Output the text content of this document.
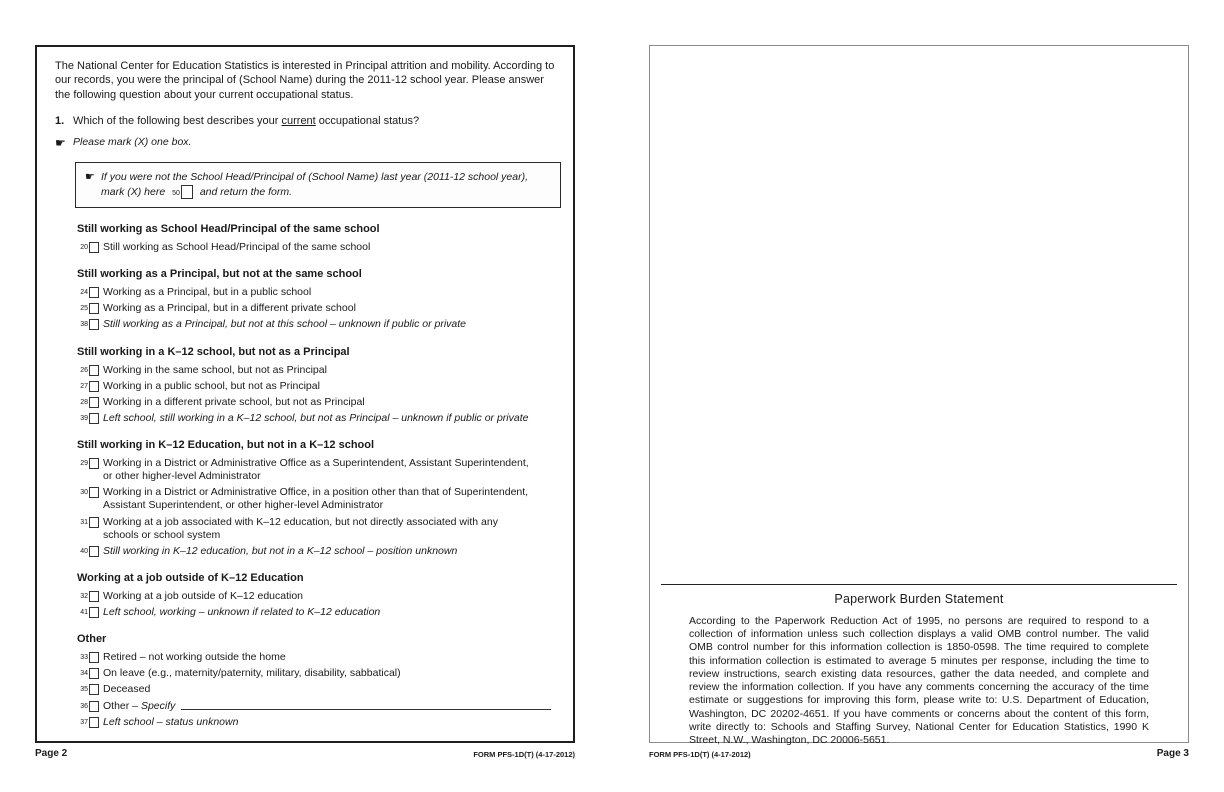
The National Center for Education Statistics is interested in Principal attrition and mobility. According to our records, you were the principal of (School Name) during the 2011-12 school year. Please answer the following question about your current occupational status.

1. Which of the following best describes your current occupational status?
☛ Please mark (X) one box.
☛ If you were not the School Head/Principal of (School Name) last year (2011-12 school year), mark (X) here 50 and return the form.
Still working as School Head/Principal of the same school
20 Still working as School Head/Principal of the same school
Still working as a Principal, but not at the same school
24 Working as a Principal, but in a public school
25 Working as a Principal, but in a different private school
38 Still working as a Principal, but not at this school – unknown if public or private
Still working in a K–12 school, but not as a Principal
26 Working in the same school, but not as Principal
27 Working in a public school, but not as Principal
28 Working in a different private school, but not as Principal
39 Left school, still working in a K–12 school, but not as Principal – unknown if public or private
Still working in K–12 Education, but not in a K–12 school
29 Working in a District or Administrative Office as a Superintendent, Assistant Superintendent, or other higher-level Administrator
30 Working in a District or Administrative Office, in a position other than that of Superintendent, Assistant Superintendent, or other higher-level Administrator
31 Working at a job associated with K–12 education, but not directly associated with any schools or school system
40 Still working in K–12 education, but not in a K–12 school – position unknown
Working at a job outside of K–12 Education
32 Working at a job outside of K–12 education
41 Left school, working – unknown if related to K–12 education
Other
33 Retired – not working outside the home
34 On leave (e.g., maternity/paternity, military, disability, sabbatical)
35 Deceased
36 Other – Specify
37 Left school – status unknown
Page 2	FORM PFS-1D(T) (4-17-2012)
Paperwork Burden Statement

According to the Paperwork Reduction Act of 1995, no persons are required to respond to a collection of information unless such collection displays a valid OMB control number. The valid OMB control number for this information collection is 1850-0598. The time required to complete this information collection is estimated to average 5 minutes per response, including the time to review instructions, search existing data resources, gather the data needed, and complete and review the information collection. If you have any comments concerning the accuracy of the time estimate or suggestions for improving this form, please write to: U.S. Department of Education, Washington, DC 20202-4651. If you have comments or concerns about the content of this form, write directly to: Schools and Staffing Survey, National Center for Education Statistics, 1990 K Street, N.W., Washington, DC 20006-5651.

FORM PFS-1D(T) (4-17-2012)	Page 3
